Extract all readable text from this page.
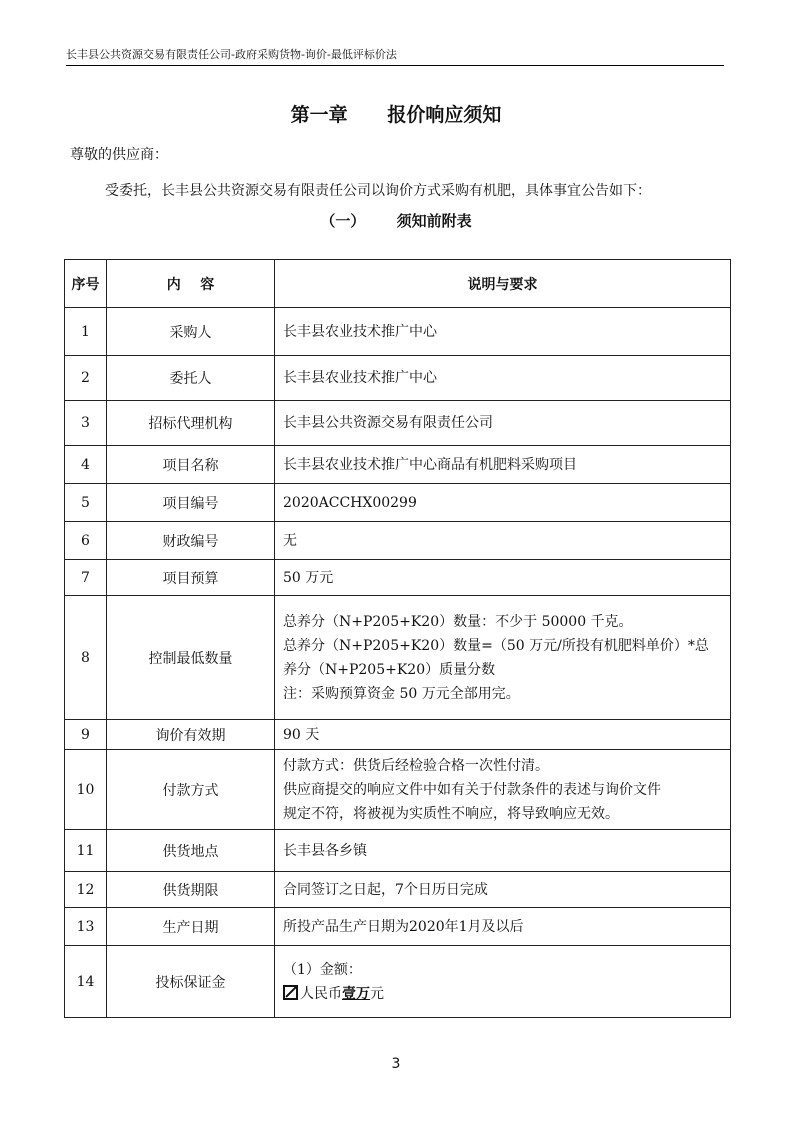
长丰县公共资源交易有限责任公司-政府采购货物-询价-最低评标价法
第一章      报价响应须知
尊敬的供应商：
受委托，长丰县公共资源交易有限责任公司以询价方式采购有机肥，具体事宜公告如下：
（一）      须知前附表
序号	内    容	说明与要求
1	采购人	长丰县农业技术推广中心

2	委托人	长丰县农业技术推广中心

3	招标代理机构	长丰县公共资源交易有限责任公司

4	项目名称	长丰县农业技术推广中心商品有机肥料采购项目

5	项目编号	2020ACCHX00299

6	财政编号	无

7	项目预算	50 万元

8	控制最低数量	总养分（N+P205+K20）数量：不少于 50000 千克。
总养分（N+P205+K20）数量=（50 万元/所投有机肥料单价）*总
养分（N+P205+K20）质量分数
注：采购预算资金 50 万元全部用完。

9	询价有效期	90 天

10	付款方式	付款方式：供货后经检验合格一次性付清。
供应商提交的响应文件中如有关于付款条件的表述与询价文件
规定不符，将被视为实质性不响应，将导致响应无效。

11	供货地点	长丰县各乡镇

12	供货期限	合同签订之日起，7个日历日完成

13	生产日期	所投产品生产日期为2020年1月及以后

14	投标保证金	（1）金额：
人民币壹万元
3
